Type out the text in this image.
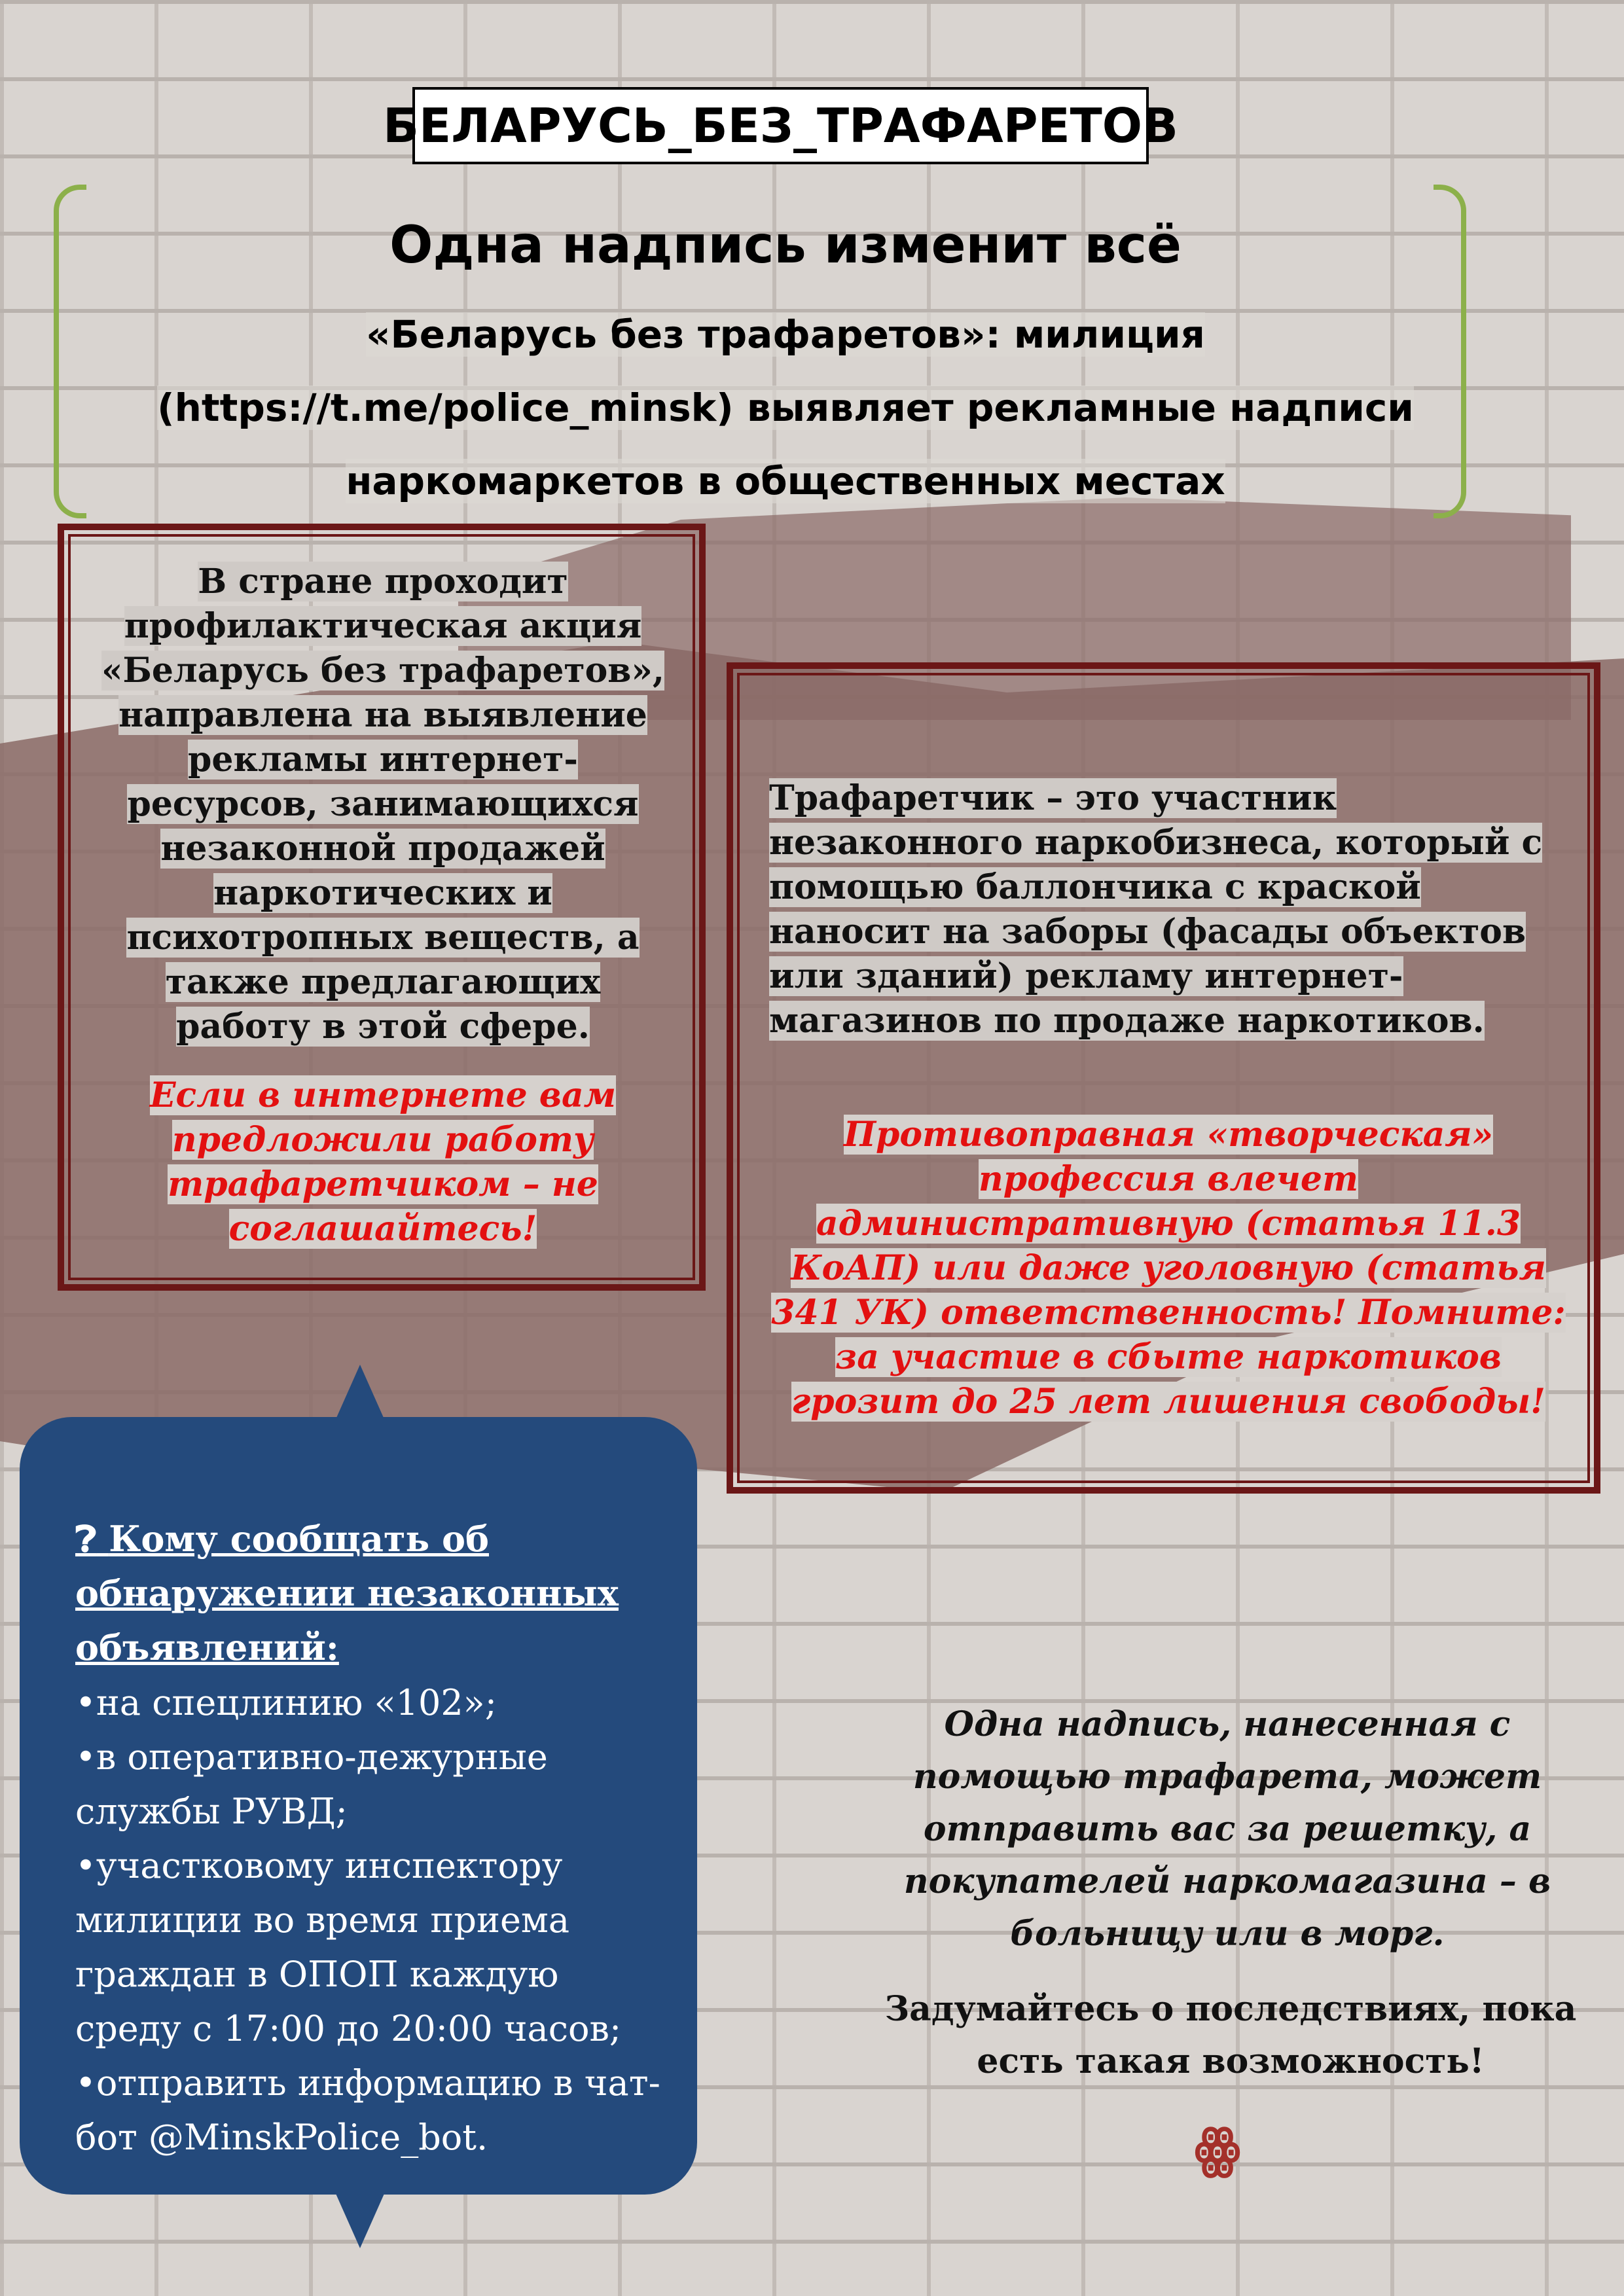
БЕЛАРУСЬ_БЕЗ_ТРАФАРЕТОВ
Одна надпись изменит всё
«Беларусь без трафаретов»: милиция (https://t.me/police_minsk) выявляет рекламные надписи наркомаркетов в общественных местах
В стране проходит профилактическая акция «Беларусь без трафаретов», направлена на выявление рекламы интернет-ресурсов, занимающихся незаконной продажей наркотических и психотропных веществ, а также предлагающих работу в этой сфере.
Если в интернете вам предложили работу трафаретчиком – не соглашайтесь!
Трафаретчик – это участник незаконного наркобизнеса, который с помощью баллончика с краской наносит на заборы (фасады объектов или зданий) рекламу интернет-магазинов по продаже наркотиков.
Противоправная «творческая» профессия влечет административную (статья 11.3 КоАП) или даже уголовную (статья 341 УК) ответственность! Помните: за участие в сбыте наркотиков грозит до 25 лет лишения свободы!
❓︎ Кому сообщать об обнаружении незаконных объявлений:
•на спецлинию «102»;
•в оперативно-дежурные службы РУВД;
•участковому инспектору милиции во время приема граждан в ОПОП каждую среду с 17:00 до 20:00 часов;
•отправить информацию в чат-бот @MinskPolice_bot.
Одна надпись, нанесенная с помощью трафарета, может отправить вас за решетку, а покупателей наркомагазина – в больницу или в морг.
Задумайтесь о последствиях, пока есть такая возможность!
ꙮ
